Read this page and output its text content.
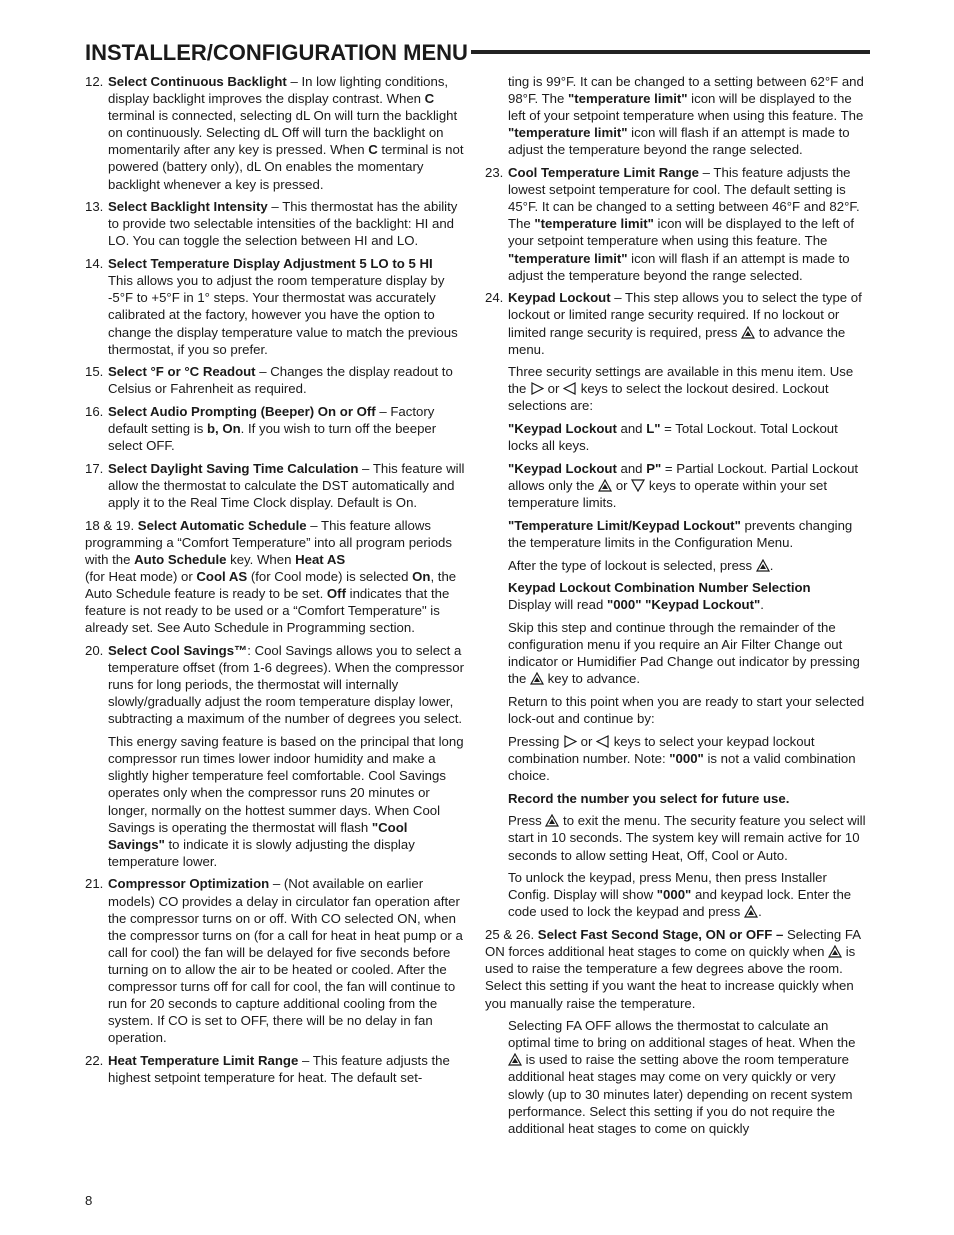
INSTALLER/CONFIGURATION MENU
12. Select Continuous Backlight – In low lighting conditions, display backlight improves the display contrast. When C terminal is connected, selecting dL On will turn the backlight on continuously. Selecting dL Off will turn the backlight on momentarily after any key is pressed. When C terminal is not powered (battery only), dL On enables the momentary backlight whenever a key is pressed.
13. Select Backlight Intensity – This thermostat has the ability to provide two selectable intensities of the backlight: HI and LO. You can toggle the selection between HI and LO.
14. Select Temperature Display Adjustment 5 LO to 5 HI
This allows you to adjust the room temperature display by -5°F to +5°F in 1° steps. Your thermostat was accurately calibrated at the factory, however you have the option to change the display temperature value to match the previous thermostat, if you so prefer.
15. Select °F or °C Readout – Changes the display readout to Celsius or Fahrenheit as required.
16. Select Audio Prompting (Beeper) On or Off – Factory default setting is b, On. If you wish to turn off the beeper select OFF.
17. Select Daylight Saving Time Calculation – This feature will allow the thermostat to calculate the DST automatically and apply it to the Real Time Clock display. Default is On.
18 & 19. Select Automatic Schedule – This feature allows programming a “Comfort Temperature” into all program periods with the Auto Schedule key. When Heat AS
(for Heat mode) or Cool AS (for Cool mode) is selected On, the Auto Schedule feature is ready to be set. Off indicates that the feature is not ready to be used or a “Comfort Temperature" is already set. See Auto Schedule in Programming section.
20. Select Cool Savings™: Cool Savings allows you to select a temperature offset (from 1-6 degrees). When the compressor runs for long periods, the thermostat will internally slowly/gradually adjust the room temperature display lower, subtracting a maximum of the number of degrees you select.
This energy saving feature is based on the principal that long compressor run times lower indoor humidity and make a slightly higher temperature feel comfortable. Cool Savings operates only when the compressor runs 20 minutes or longer, normally on the hottest summer days. When Cool Savings is operating the thermostat will flash "Cool Savings" to indicate it is slowly adjusting the display temperature lower.
21. Compressor Optimization – (Not available on earlier models) CO provides a delay in circulator fan operation after the compressor turns on or off. With CO selected ON, when the compressor turns on (for a call for heat in heat pump or a call for cool) the fan will be delayed for five seconds before turning on to allow the air to be heated or cooled. After the compressor turns off for call for cool, the fan will continue to run for 20 seconds to capture additional cooling from the system. If CO is set to OFF, there will be no delay in fan operation.
22. Heat Temperature Limit Range – This feature adjusts the highest setpoint temperature for heat. The default set-
ting is 99°F. It can be changed to a setting between 62°F and 98°F. The "temperature limit" icon will be displayed to the left of your setpoint temperature when using this feature. The "temperature limit" icon will flash if an attempt is made to adjust the temperature beyond the range selected.
23. Cool Temperature Limit Range – This feature adjusts the lowest setpoint temperature for cool. The default setting is 45°F. It can be changed to a setting between 46°F and 82°F. The "temperature limit" icon will be displayed to the left of your setpoint temperature when using this feature. The "temperature limit" icon will flash if an attempt is made to adjust the temperature beyond the range selected.
24. Keypad Lockout – This step allows you to select the type of lockout or limited range security required. If no lockout or limited range security is required, press
to advance the menu.
Three security settings are available in this menu item. Use the
or
keys to select the lockout desired. Lockout selections are:
"Keypad Lockout and L" = Total Lockout. Total Lockout locks all keys.
"Keypad Lockout and P" = Partial Lockout. Partial Lockout allows only the
or
keys to operate within your set temperature limits.
"Temperature Limit/Keypad Lockout" prevents changing the temperature limits in the Configuration Menu.
After the type of lockout is selected, press
.
Keypad Lockout Combination Number Selection
Display will read "000" "Keypad Lockout".
Skip this step and continue through the remainder of the configuration menu if you require an Air Filter Change out indicator or Humidifier Pad Change out indicator by pressing the
key to advance.
Return to this point when you are ready to start your selected lock-out and continue by:
Pressing
or
keys to select your keypad lockout combination number. Note: "000" is not a valid combination choice.
Record the number you select for future use.
Press
to exit the menu. The security feature you select will start in 10 seconds. The system key will remain active for 10 seconds to allow setting Heat, Off, Cool or Auto.
To unlock the keypad, press Menu, then press Installer Config. Display will show "000" and keypad lock. Enter the code used to lock the keypad and press
.
25 & 26. Select Fast Second Stage, ON or OFF – Selecting FA ON forces additional heat stages to come on quickly when
is used to raise the temperature a few degrees above the room. Select this setting if you want the heat to increase quickly when you manually raise the temperature.
Selecting FA OFF allows the thermostat to calculate an optimal time to bring on additional stages of heat. When the
is used to raise the setting above the room temperature additional heat stages may come on very quickly or very slowly (up to 30 minutes later) depending on recent system performance. Select this setting if you do not require the additional heat stages to come on quickly
8
